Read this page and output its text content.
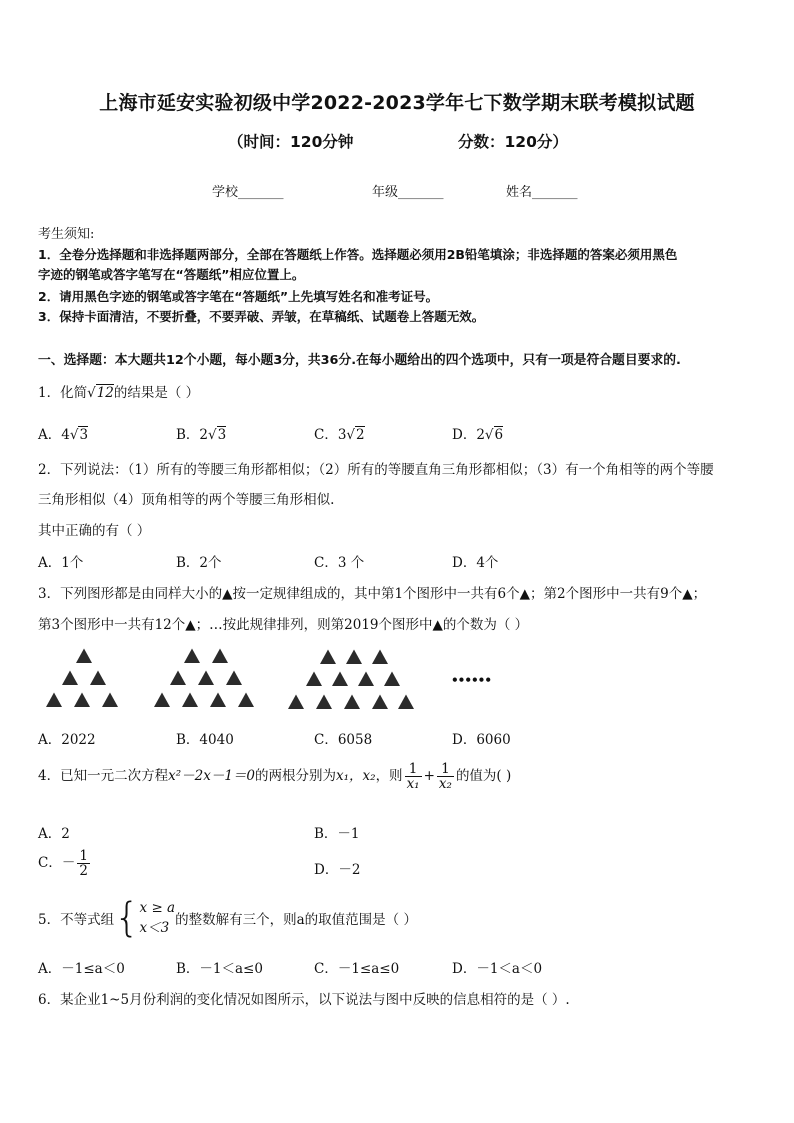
上海市延安实验初级中学2022-2023学年七下数学期末联考模拟试题
（时间：120分钟	分数：120分）
学校_______	年级_______	姓名_______
考生须知:
1．全卷分选择题和非选择题两部分，全部在答题纸上作答。选择题必须用2B铅笔填涂；非选择题的答案必须用黑色
字迹的钢笔或答字笔写在“答题纸”相应位置上。
2．请用黑色字迹的钢笔或答字笔在“答题纸”上先填写姓名和准考证号。
3．保持卡面清洁，不要折叠，不要弄破、弄皱，在草稿纸、试题卷上答题无效。
一、选择题：本大题共12个小题，每小题3分，共36分.在每小题给出的四个选项中，只有一项是符合题目要求的.
1．化简√12的结果是（ ）
A．4√3	B．2√3	C．3√2	D．2√6
2．下列说法：（1）所有的等腰三角形都相似；（2）所有的等腰直角三角形都相似；（3）有一个角相等的两个等腰
三角形相似（4）顶角相等的两个等腰三角形相似.
其中正确的有（ ）
A．1个	B．2个	C．3 个	D．4个
3．下列图形都是由同样大小的▲按一定规律组成的，其中第1个图形中一共有6个▲；第2个图形中一共有9个▲；
第3个图形中一共有12个▲；…按此规律排列，则第2019个图形中▲的个数为（ ）
••••••
A．2022	B．4040	C．6058	D．6060
4．已知一元二次方程x²－2x－1＝0的两根分别为x₁，x₂，则 $\frac{1}{\text{x₁}} + \frac{1}{\text{x₂}}$ 的值为( )
A．2	B．－1
C．－ $\frac{1}{2}$	D．－2
5．不等式组{ x ≥ a
x＜3 的整数解有三个，则a的取值范围是（ ）
A．－1≤a＜0	B．－1＜a≤0	C．－1≤a≤0	D．－1＜a＜0
6．某企业1~5月份利润的变化情况如图所示，以下说法与图中反映的信息相符的是（ ）.
